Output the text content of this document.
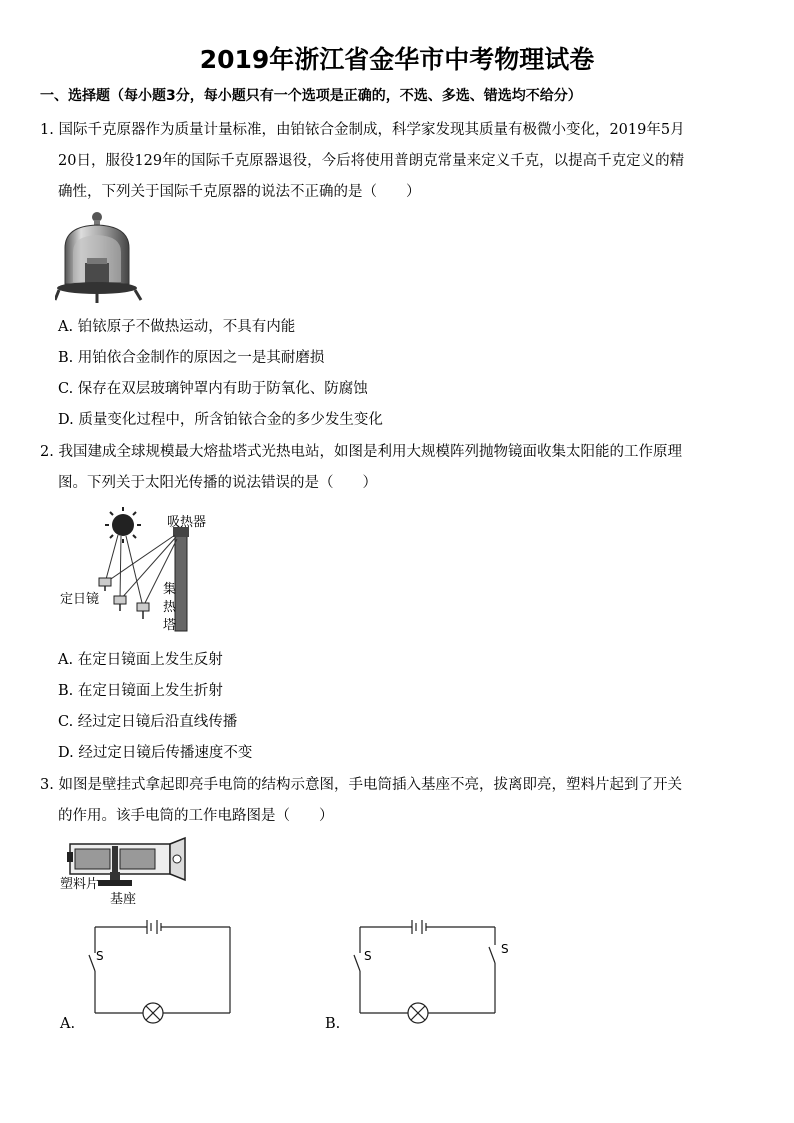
2019年浙江省金华市中考物理试卷
一、选择题（每小题3分，每小题只有一个选项是正确的，不选、多选、错选均不给分）
1. 国际千克原器作为质量计量标准，由铂铱合金制成，科学家发现其质量有极微小变化，2019年5月
20日，服役129年的国际千克原器退役，今后将使用普朗克常量来定义千克，以提高千克定义的精
确性，下列关于国际千克原器的说法不正确的是（　　）
A. 铂铱原子不做热运动，不具有内能
B. 用铂依合金制作的原因之一是其耐磨损
C. 保存在双层玻璃钟罩内有助于防氧化、防腐蚀
D. 质量变化过程中，所含铂铱合金的多少发生变化
2. 我国建成全球规模最大熔盐塔式光热电站，如图是利用大规模阵列抛物镜面收集太阳能的工作原理
图。下列关于太阳光传播的说法错误的是（　　）
吸热器
定日镜
集
热
塔
A. 在定日镜面上发生反射
B. 在定日镜面上发生折射
C. 经过定日镜后沿直线传播
D. 经过定日镜后传播速度不变
3. 如图是壁挂式拿起即亮手电筒的结构示意图，手电筒插入基座不亮，拔离即亮，塑料片起到了开关
的作用。该手电筒的工作电路图是（　　）
塑料片
基座
S
A.
S	S
B.
